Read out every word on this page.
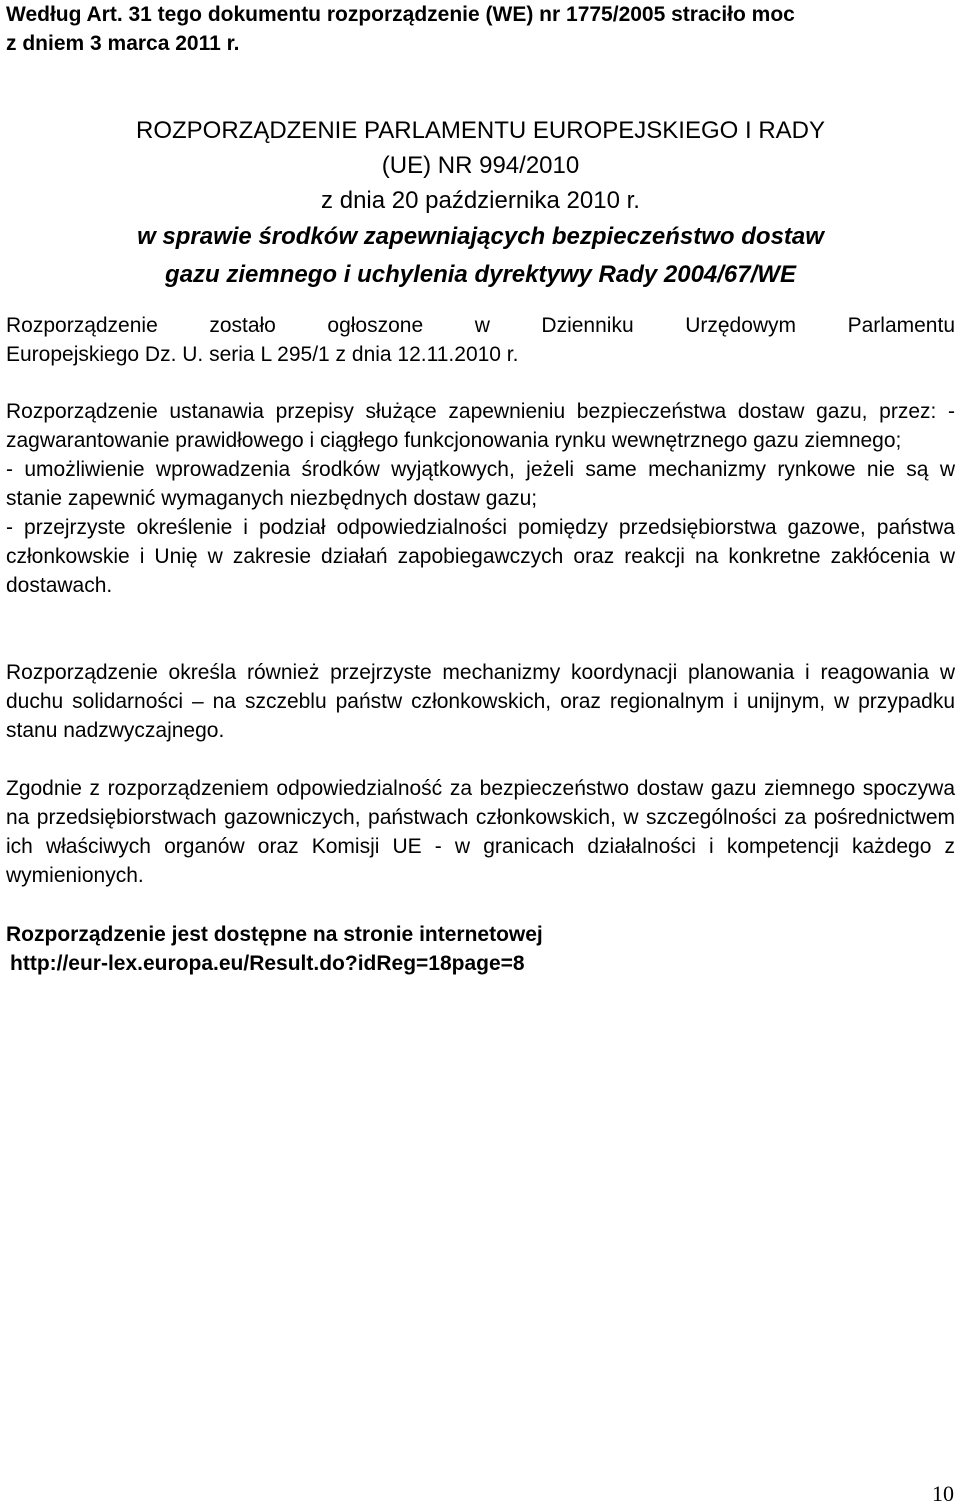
Według Art. 31 tego dokumentu rozporządzenie (WE) nr 1775/2005 straciło moc
z dniem 3 marca 2011 r.
ROZPORZĄDZENIE PARLAMENTU EUROPEJSKIEGO I RADY
(UE) NR 994/2010
z dnia 20 października 2010 r.
w sprawie środków zapewniających bezpieczeństwo dostaw
gazu ziemnego i uchylenia dyrektywy Rady 2004/67/WE
Rozporządzenie zostało ogłoszone w Dzienniku Urzędowym Parlamentu
Europejskiego Dz. U. seria L 295/1 z dnia 12.11.2010 r.
Rozporządzenie ustanawia przepisy służące zapewnieniu bezpieczeństwa dostaw gazu, przez: - zagwarantowanie prawidłowego i ciągłego funkcjonowania rynku wewnętrznego gazu ziemnego;
- umożliwienie wprowadzenia środków wyjątkowych, jeżeli same mechanizmy rynkowe nie są w stanie zapewnić wymaganych niezbędnych dostaw gazu;
- przejrzyste określenie i podział odpowiedzialności pomiędzy przedsiębiorstwa gazowe, państwa członkowskie i Unię w zakresie działań zapobiegawczych oraz reakcji na konkretne zakłócenia w dostawach.
Rozporządzenie określa również przejrzyste mechanizmy koordynacji planowania i reagowania w duchu solidarności – na szczeblu państw członkowskich, oraz regionalnym i unijnym, w przypadku stanu nadzwyczajnego.
Zgodnie z rozporządzeniem odpowiedzialność za bezpieczeństwo dostaw gazu ziemnego spoczywa na przedsiębiorstwach gazowniczych, państwach członkowskich, w szczególności za pośrednictwem ich właściwych organów oraz Komisji UE - w granicach działalności i kompetencji każdego z wymienionych.
Rozporządzenie jest dostępne na stronie internetowej
http://eur-lex.europa.eu/Result.do?idReg=18page=8
10
